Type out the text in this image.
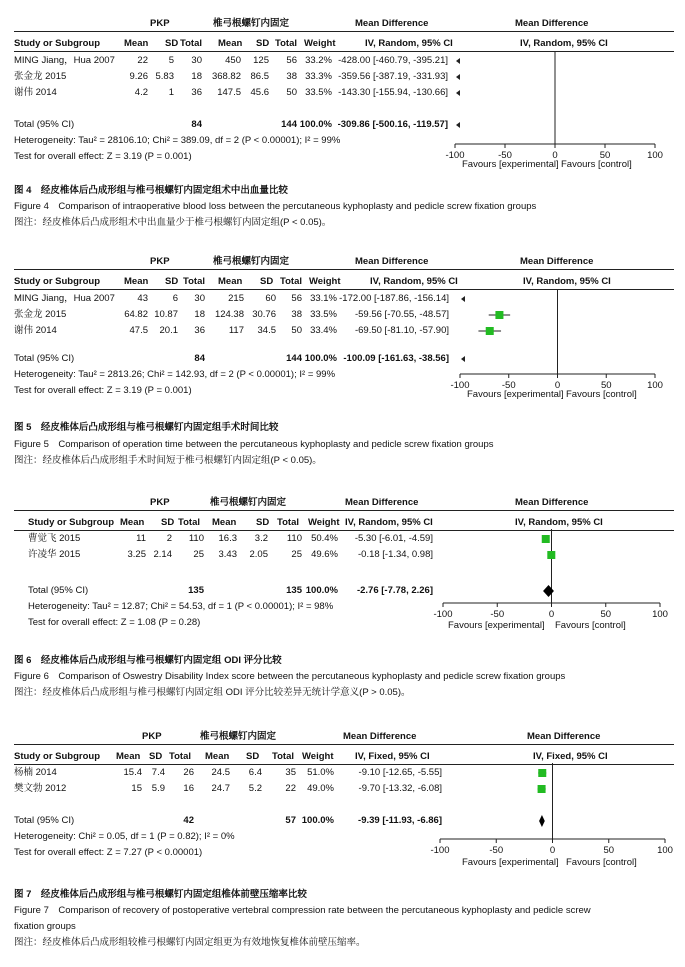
PKP	椎弓根螺钉内固定	Mean Difference	Mean Difference
Study or Subgroup	Mean SD Total Mean SD Total Weight	IV, Random, 95% CI	IV, Random, 95% CI
MING Jiang，Hua 2007	22	5	30	450	125	56 33.2% -428.00 [-460.79, -395.21]
张金龙 2015	9.26 5.83	18	368.82	86.5	38 33.3% -359.56 [-387.19, -331.93]
谢伟 2014	4.2	1	36	147.5	45.6	50 33.5% -143.30 [-155.94, -130.66]
Total (95% CI)	84	144 100.0% -309.86 [-500.16, -119.57]
Heterogeneity: Tau² = 28106.10; Chi² = 389.09, df = 2 (P < 0.00001); I² = 99%
Test for overall effect: Z = 3.19 (P = 0.001)	-100	-50	0	50	100
Favours [experimental] Favours [control]
图 4　经皮椎体后凸成形组与椎弓根螺钉内固定组术中出血量比较
Figure 4　Comparison of intraoperative blood loss between the percutaneous kyphoplasty and pedicle screw fixation groups
图注：经皮椎体后凸成形组术中出血量少于椎弓根螺钉内固定组(P < 0.05)。
PKP	椎弓根螺钉内固定	Mean Difference	Mean Difference
Study or Subgroup	Mean SD Total Mean SD Total Weight	IV, Random, 95% CI	IV, Random, 95% CI
MING Jiang，Hua 2007	43	6	30	215	60	56 33.1% -172.00 [-187.86, -156.14]
张金龙 2015	64.82 10.87	18	124.38 30.76	38 33.5%	-59.56 [-70.55, -48.57]
谢伟 2014	47.5	20.1	36	117	34.5	50 33.4%	-69.50 [-81.10, -57.90]
Total (95% CI)	84	144 100.0% -100.09 [-161.63, -38.56]
Heterogeneity: Tau² = 2813.26; Chi² = 142.93, df = 2 (P < 0.00001); I² = 99%
Test for overall effect: Z = 3.19 (P = 0.001)	-100	-50	0	50	100
Favours [experimental] Favours [control]
图 5　经皮椎体后凸成形组与椎弓根螺钉内固定组手术时间比较
Figure 5　Comparison of operation time between the percutaneous kyphoplasty and pedicle screw fixation groups
图注：经皮椎体后凸成形组手术时间短于椎弓根螺钉内固定组(P < 0.05)。
PKP	椎弓根螺钉内固定	Mean Difference	Mean Difference
Study or Subgroup Mean SD Total Mean SD Total Weight IV, Random, 95% CI	IV, Random, 95% CI
曹觉飞 2015	11	2	110	16.3	3.2	110 50.4%	-5.30 [-6.01, -4.59]
许凌华 2015	3.25 2.14	25	3.43	2.05	25 49.6%	-0.18 [-1.34, 0.98]
Total (95% CI)	135	135 100.0%	-2.76 [-7.78, 2.26]
Heterogeneity: Tau² = 12.87; Chi² = 54.53, df = 1 (P < 0.00001); I² = 98%
Test for overall effect: Z = 1.08 (P = 0.28)
-100	-50	0	50	100
Favours [experimental] Favours [control]
图 6　经皮椎体后凸成形组与椎弓根螺钉内固定组 ODI 评分比较
Figure 6　Comparison of Oswestry Disability Index score between the percutaneous kyphoplasty and pedicle screw fixation groups
图注：经皮椎体后凸成形组与椎弓根螺钉内固定组 ODI 评分比较差异无统计学意义(P > 0.05)。
PKP	椎弓根螺钉内固定	Mean Difference	Mean Difference
Study or Subgroup Mean SD Total Mean SD Total Weight IV, Fixed, 95% CI	IV, Fixed, 95% CI
杨楠 2014	15.4	7.4	26	24.5	6.4	35	51.0%	-9.10 [-12.65, -5.55]
樊文勃 2012	15	5.9	16	24.7	5.2	22	49.0%	-9.70 [-13.32, -6.08]
Total (95% CI)	42	57 100.0%	-9.39 [-11.93, -6.86]
Heterogeneity: Chi² = 0.05, df = 1 (P = 0.82); I² = 0%
Test for overall effect: Z = 7.27 (P < 0.00001)	-100	-50	0	50	100
Favours [experimental] Favours [control]
图 7　经皮椎体后凸成形组与椎弓根螺钉内固定组椎体前壁压缩率比较
Figure 7　Comparison of recovery of postoperative vertebral compression rate between the percutaneous kyphoplasty and pedicle screw
fixation groups
图注：经皮椎体后凸成形组较椎弓根螺钉内固定组更为有效地恢复椎体前壁压缩率。
